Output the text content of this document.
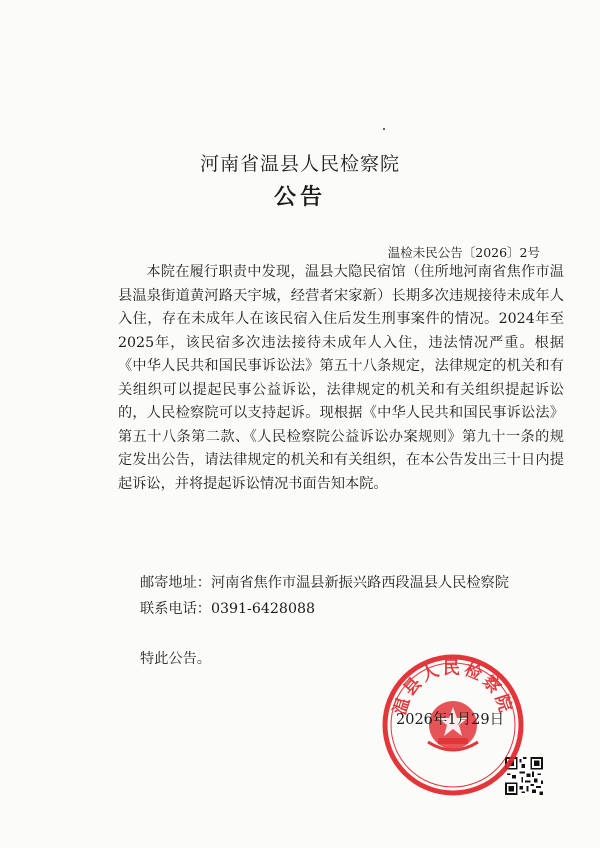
河南省温县人民检察院
公告
温检未民公告〔2026〕2号

本院在履行职责中发现，温县大隐民宿馆（住所地河南省焦作市温县温泉街道黄河路天宇城，经营者宋家新）长期多次违规接待未成年人入住，存在未成年人在该民宿入住后发生刑事案件的情况。2024年至2025年，该民宿多次违法接待未成年人入住，违法情况严重。根据《中华人民共和国民事诉讼法》第五十八条规定，法律规定的机关和有关组织可以提起民事公益诉讼，法律规定的机关和有关组织提起诉讼的，人民检察院可以支持起诉。现根据《中华人民共和国民事诉讼法》第五十八条第二款、《人民检察院公益诉讼办案规则》第九十一条的规定发出公告，请法律规定的机关和有关组织，在本公告发出三十日内提起诉讼，并将提起诉讼情况书面告知本院。

邮寄地址：河南省焦作市温县新振兴路西段温县人民检察院
联系电话：0391-6428088
特此公告。
温县人民检察院
2026年1月29日
